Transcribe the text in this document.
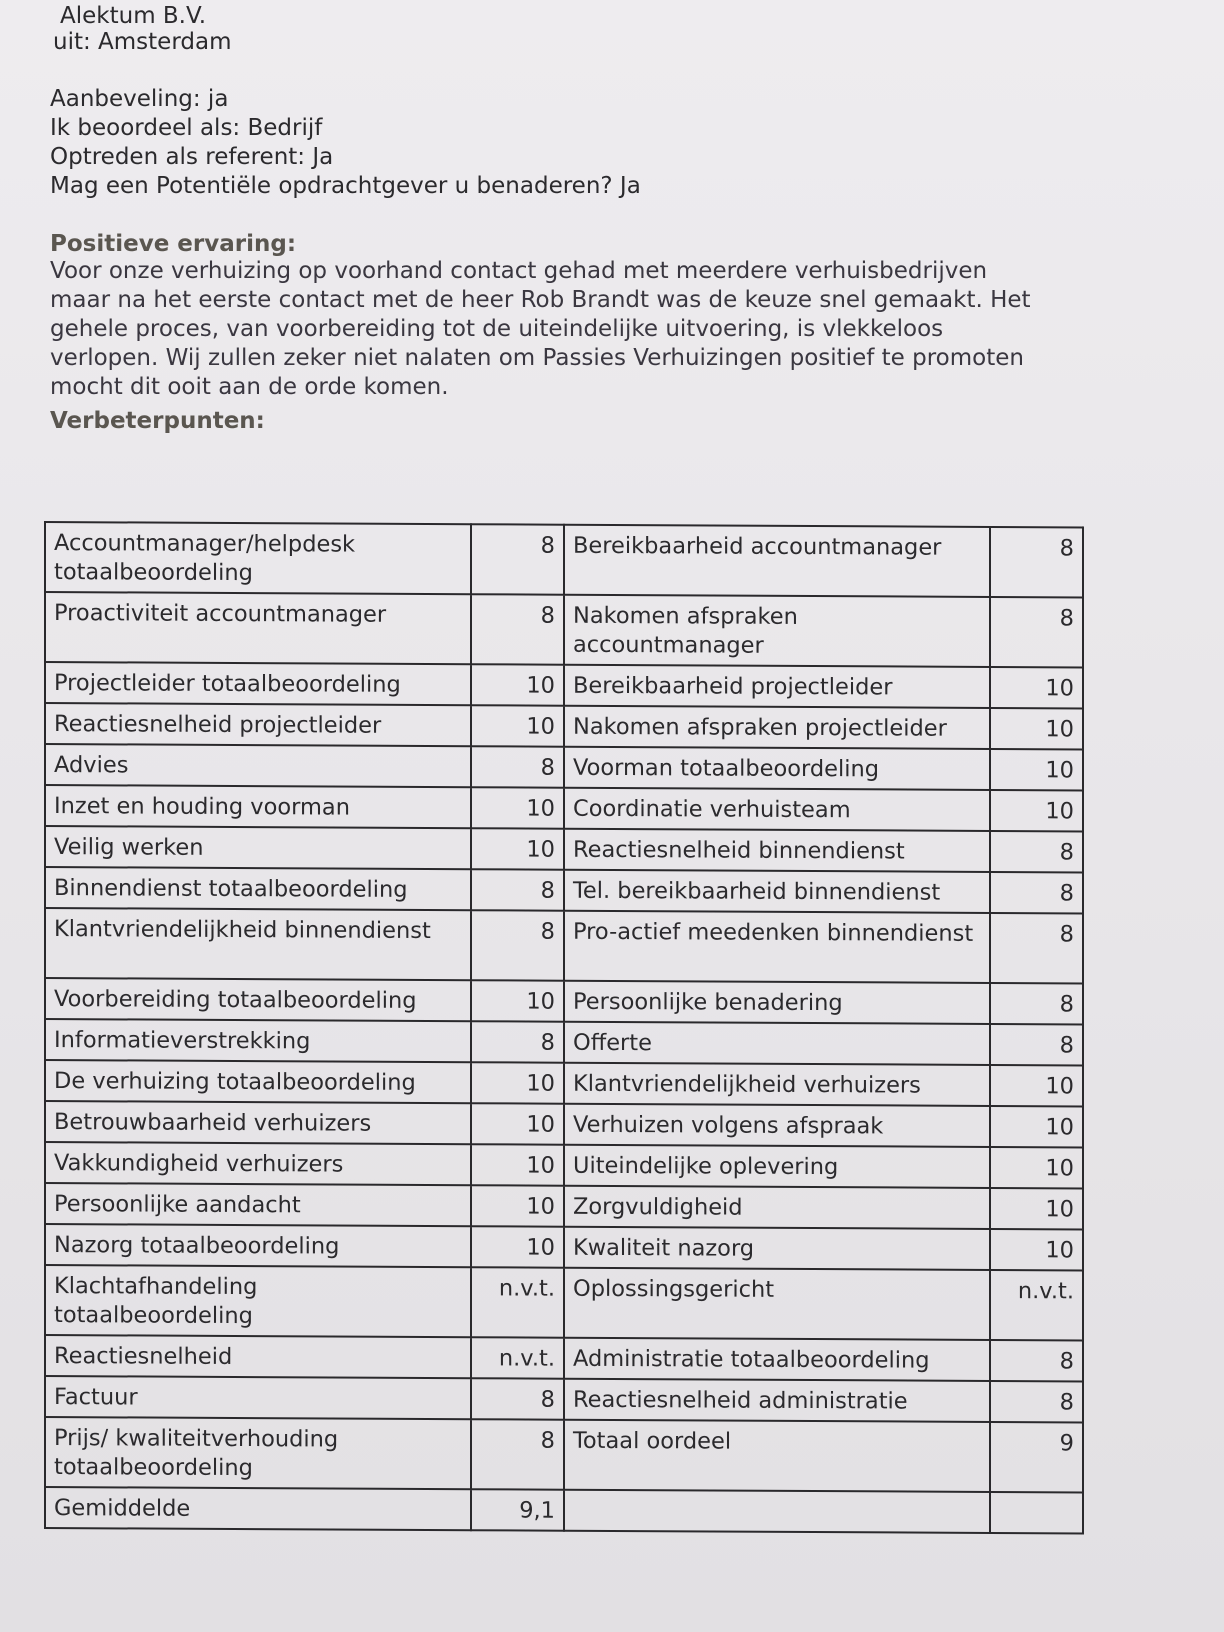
Alektum B.V.
uit: Amsterdam
Aanbeveling: ja
Ik beoordeel als: Bedrijf
Optreden als referent: Ja
Mag een Potentiële opdrachtgever u benaderen? Ja
Positieve ervaring:
Voor onze verhuizing op voorhand contact gehad met meerdere verhuisbedrijven
maar na het eerste contact met de heer Rob Brandt was de keuze snel gemaakt. Het
gehele proces, van voorbereiding tot de uiteindelijke uitvoering, is vlekkeloos
verlopen. Wij zullen zeker niet nalaten om Passies Verhuizingen positief te promoten
mocht dit ooit aan de orde komen.
Verbeterpunten:
Accountmanager/helpdesk totaalbeoordeling	8	Bereikbaarheid accountmanager	8
Proactiviteit accountmanager	8	Nakomen afspraken accountmanager	8
Projectleider totaalbeoordeling	10	Bereikbaarheid projectleider	10
Reactiesnelheid projectleider	10	Nakomen afspraken projectleider	10
Advies	8	Voorman totaalbeoordeling	10
Inzet en houding voorman	10	Coordinatie verhuisteam	10
Veilig werken	10	Reactiesnelheid binnendienst	8
Binnendienst totaalbeoordeling	8	Tel. bereikbaarheid binnendienst	8
Klantvriendelijkheid binnendienst	8	Pro-actief meedenken binnendienst	8
Voorbereiding totaalbeoordeling	10	Persoonlijke benadering	8
Informatieverstrekking	8	Offerte	8
De verhuizing totaalbeoordeling	10	Klantvriendelijkheid verhuizers	10
Betrouwbaarheid verhuizers	10	Verhuizen volgens afspraak	10
Vakkundigheid verhuizers	10	Uiteindelijke oplevering	10
Persoonlijke aandacht	10	Zorgvuldigheid	10
Nazorg totaalbeoordeling	10	Kwaliteit nazorg	10
Klachtafhandeling totaalbeoordeling	n.v.t.	Oplossingsgericht	n.v.t.
Reactiesnelheid	n.v.t.	Administratie totaalbeoordeling	8
Factuur	8	Reactiesnelheid administratie	8
Prijs/ kwaliteitverhouding totaalbeoordeling	8	Totaal oordeel	9
Gemiddelde	9,1		
